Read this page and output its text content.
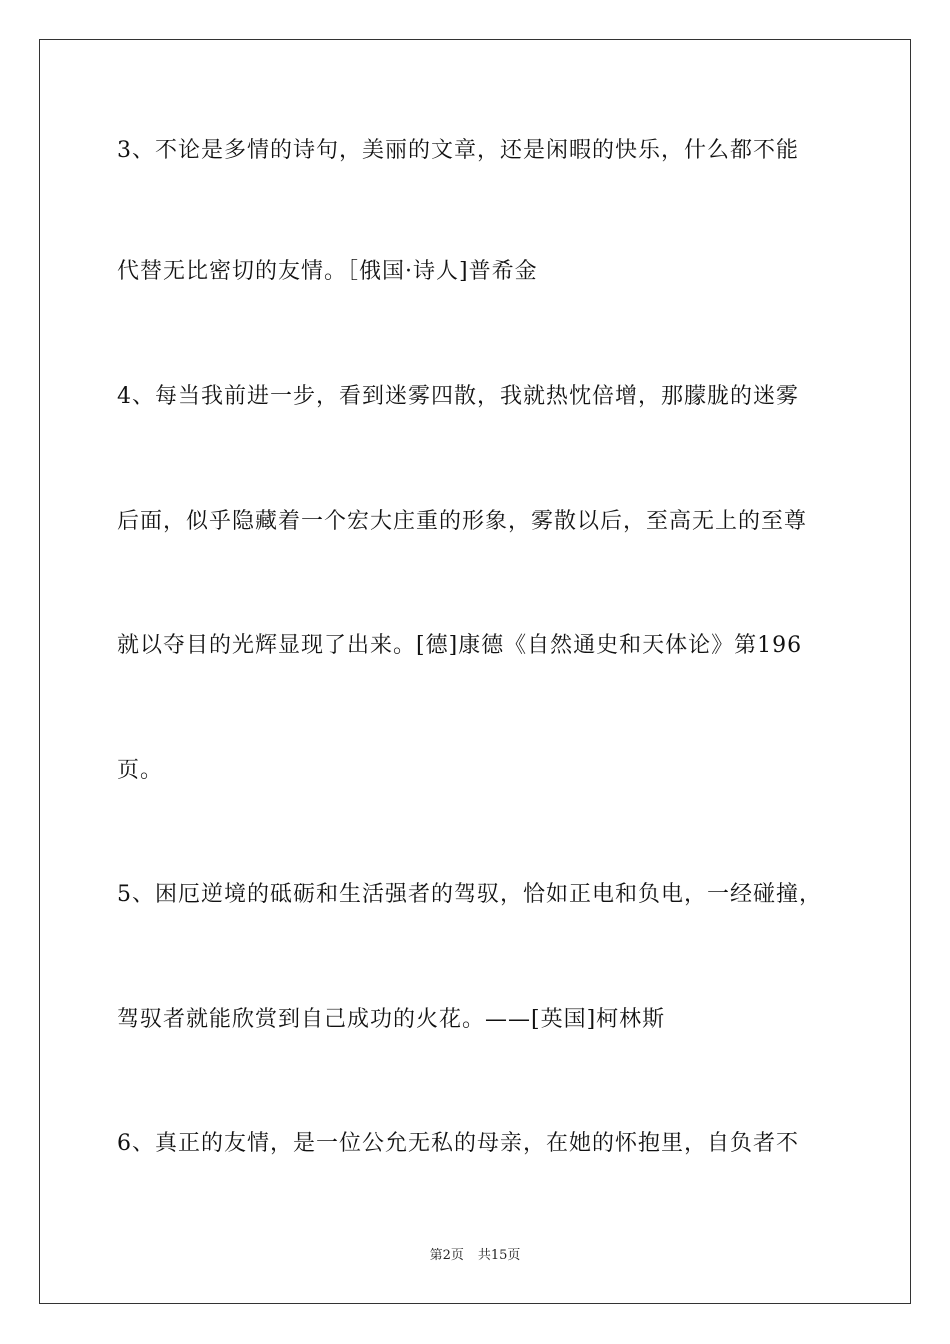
3、不论是多情的诗句，美丽的文章，还是闲暇的快乐，什么都不能
代替无比密切的友情。［俄国·诗人]普希金
4、每当我前进一步，看到迷雾四散，我就热忱倍增，那朦胧的迷雾
后面，似乎隐藏着一个宏大庄重的形象，雾散以后，至高无上的至尊
就以夺目的光辉显现了出来。[德]康德《自然通史和天体论》第196
页。
5、困厄逆境的砥砺和生活强者的驾驭，恰如正电和负电，一经碰撞，
驾驭者就能欣赏到自己成功的火花。——[英国]柯林斯
6、真正的友情，是一位公允无私的母亲，在她的怀抱里，自负者不
第2页 共15页
